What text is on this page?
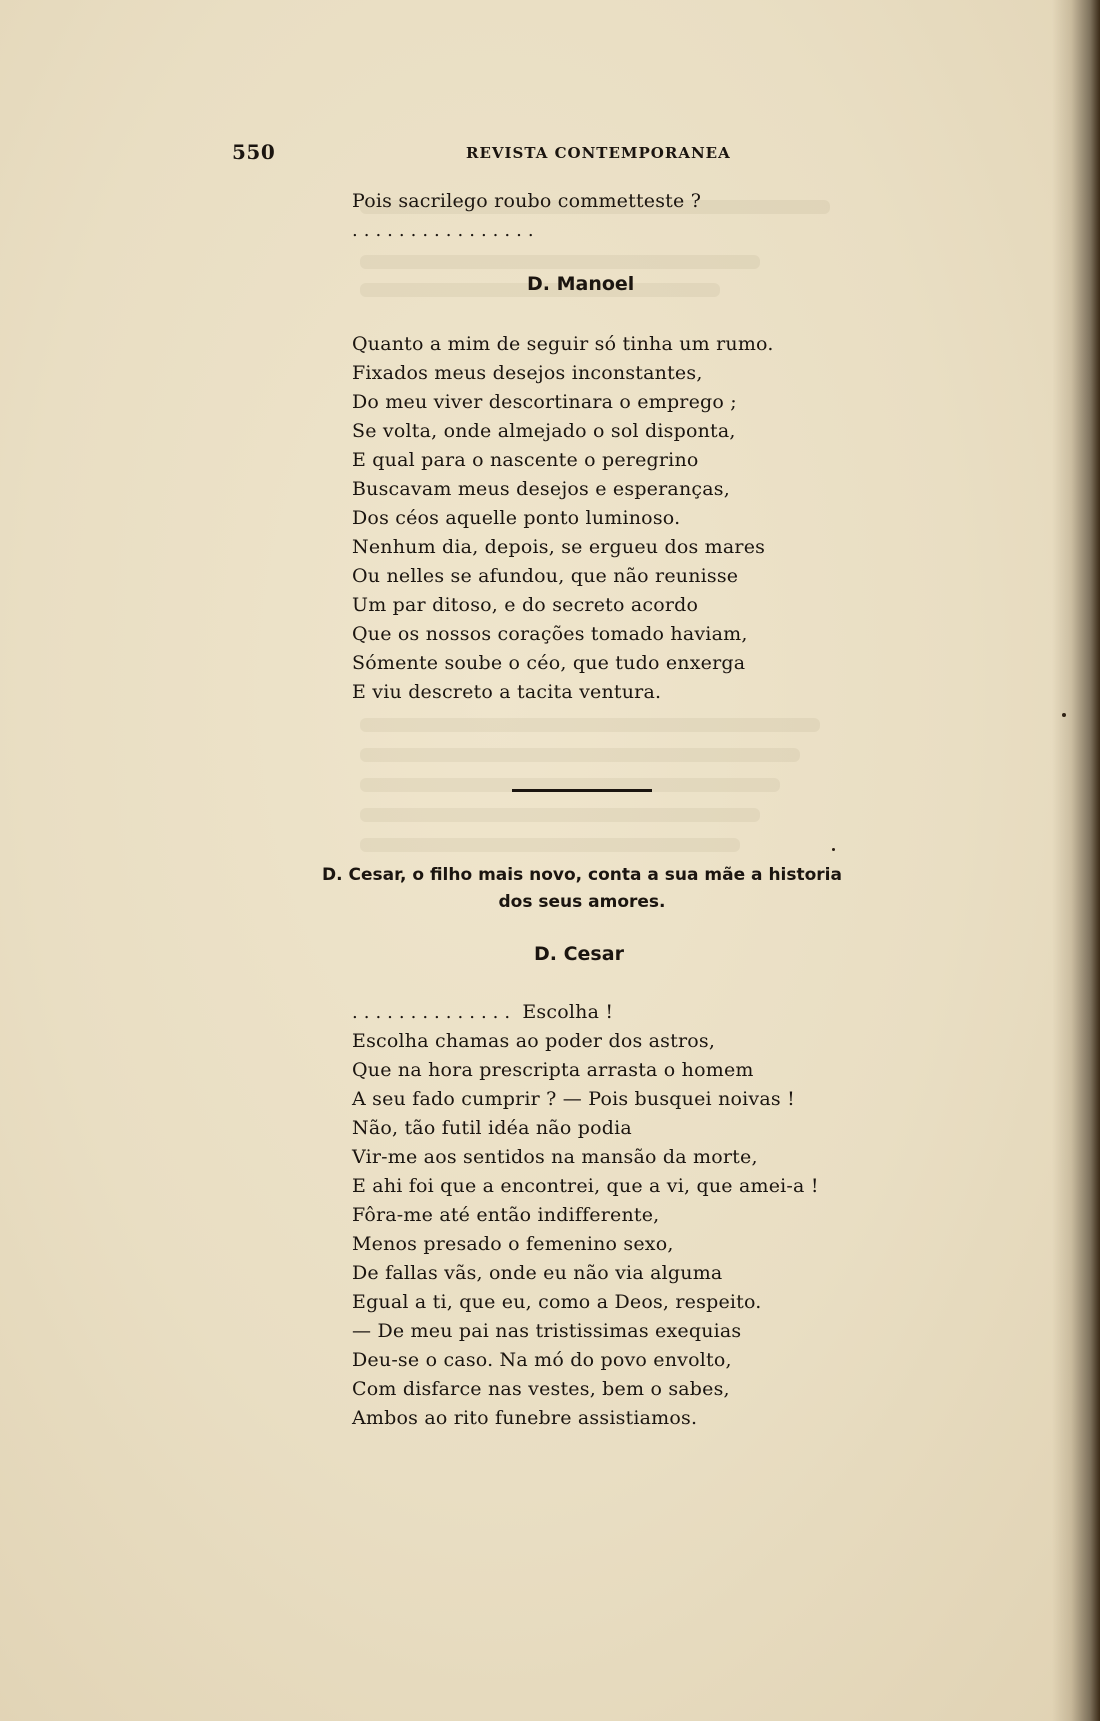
550	REVISTA CONTEMPORANEA
Pois sacrilego roubo commetteste ?
................
D. Manoel
Quanto a mim de seguir só tinha um rumo.
Fixados meus desejos inconstantes,
Do meu viver descortinara o emprego ;
Se volta, onde almejado o sol disponta,
E qual para o nascente o peregrino
Buscavam meus desejos e esperanças,
Dos céos aquelle ponto luminoso.
Nenhum dia, depois, se ergueu dos mares
Ou nelles se afundou, que não reunisse
Um par ditoso, e do secreto acordo
Que os nossos corações tomado haviam,
Sómente soube o céo, que tudo enxerga
E viu descreto a tacita ventura.
D. Cesar, o filho mais novo, conta a sua mãe a historia
dos seus amores.
D. Cesar
.............. Escolha !
Escolha chamas ao poder dos astros,
Que na hora prescripta arrasta o homem
A seu fado cumprir ? — Pois busquei noivas !
Não, tão futil idéa não podia
Vir-me aos sentidos na mansão da morte,
E ahi foi que a encontrei, que a vi, que amei-a !
Fôra-me até então indifferente,
Menos presado o femenino sexo,
De fallas vãs, onde eu não via alguma
Egual a ti, que eu, como a Deos, respeito.
— De meu pai nas tristissimas exequias
Deu-se o caso. Na mó do povo envolto,
Com disfarce nas vestes, bem o sabes,
Ambos ao rito funebre assistiamos.
